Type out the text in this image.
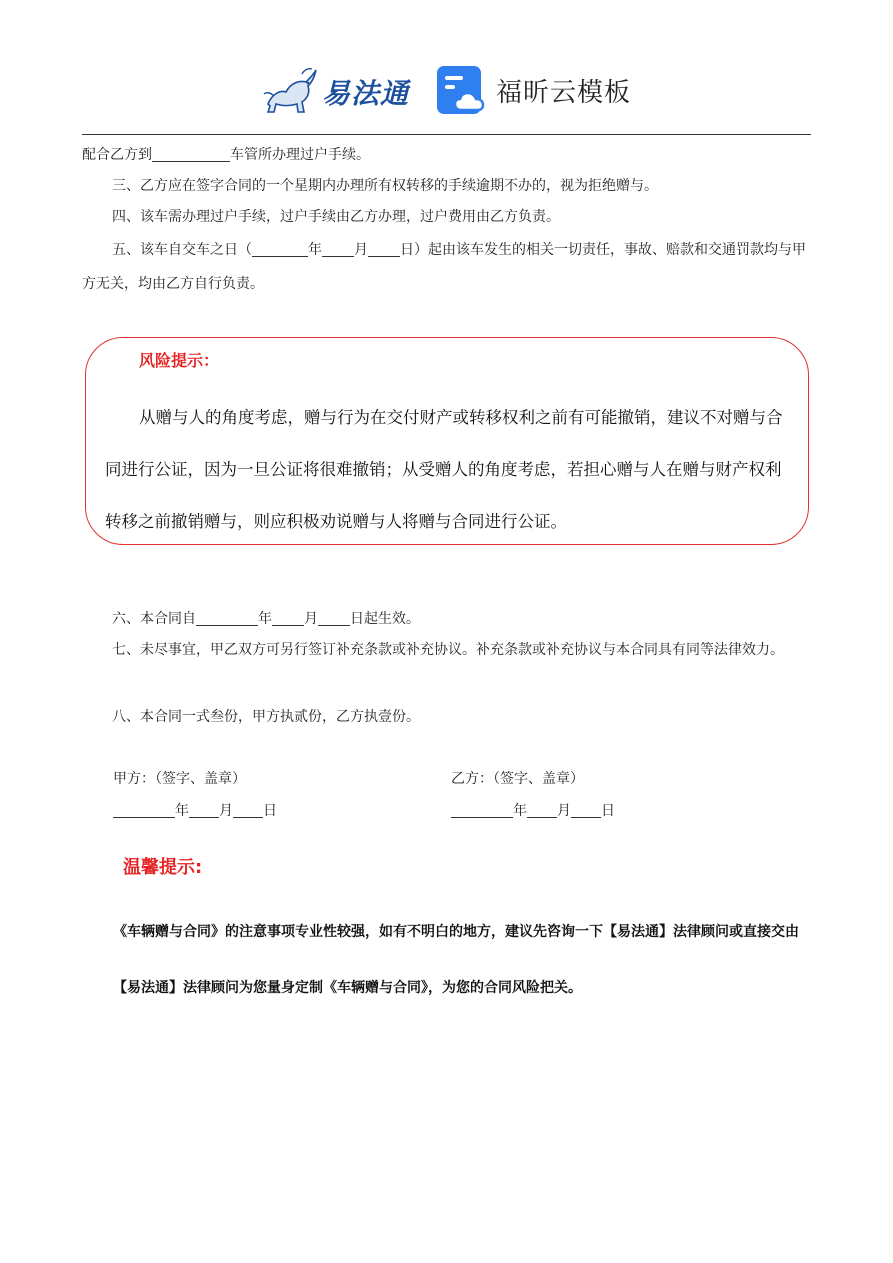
易法通	福昕云模板
配合乙方到	车管所办理过户手续。
三、乙方应在签字合同的一个星期内办理所有权转移的手续逾期不办的，视为拒绝赠与。
四、该车需办理过户手续，过户手续由乙方办理，过户费用由乙方负责。
五、该车自交车之日（	年 月 日）起由该车发生的相关一切责任，事故、赔款和交通罚款均与甲方无关，均由乙方自行负责。
风险提示：
从赠与人的角度考虑，赠与行为在交付财产或转移权利之前有可能撤销，建议不对赠与合同进行公证，因为一旦公证将很难撤销；从受赠人的角度考虑，若担心赠与人在赠与财产权利转移之前撤销赠与，则应积极劝说赠与人将赠与合同进行公证。
六、本合同自	年 月 日起生效。
七、未尽事宜，甲乙双方可另行签订补充条款或补充协议。补充条款或补充协议与本合同具有同等法律效力。
八、本合同一式叁份，甲方执贰份，乙方执壹份。
甲方：（签字、盖章）	乙方：（签字、盖章）
年 月 日	年 月 日
温馨提示:
《车辆赠与合同》的注意事项专业性较强，如有不明白的地方，建议先咨询一下【易法通】法律顾问或直接交由【易法通】法律顾问为您量身定制《车辆赠与合同》，为您的合同风险把关。
